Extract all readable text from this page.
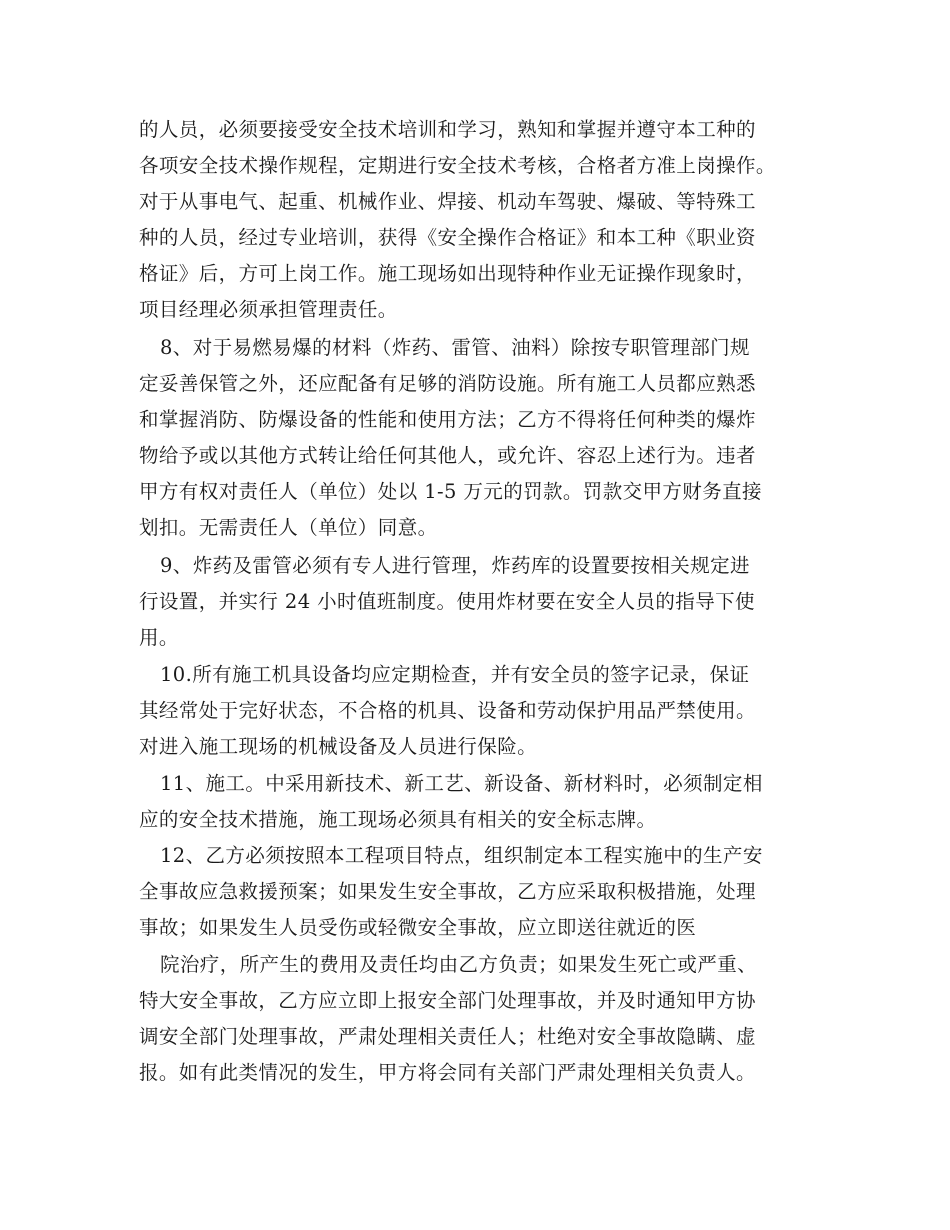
的人员，必须要接受安全技术培训和学习，熟知和掌握并遵守本工种的

各项安全技术操作规程，定期进行安全技术考核，合格者方准上岗操作。

对于从事电气、起重、机械作业、焊接、机动车驾驶、爆破、等特殊工

种的人员，经过专业培训，获得《安全操作合格证》和本工种《职业资

格证》后，方可上岗工作。施工现场如出现特种作业无证操作现象时，

项目经理必须承担管理责任。

8、对于易燃易爆的材料（炸药、雷管、油料）除按专职管理部门规

定妥善保管之外，还应配备有足够的消防设施。所有施工人员都应熟悉

和掌握消防、防爆设备的性能和使用方法；乙方不得将任何种类的爆炸

物给予或以其他方式转让给任何其他人，或允许、容忍上述行为。违者

甲方有权对责任人（单位）处以 1-5 万元的罚款。罚款交甲方财务直接

划扣。无需责任人（单位）同意。

9、炸药及雷管必须有专人进行管理，炸药库的设置要按相关规定进

行设置，并实行 24 小时值班制度。使用炸材要在安全人员的指导下使

用。

10.所有施工机具设备均应定期检查，并有安全员的签字记录，保证

其经常处于完好状态，不合格的机具、设备和劳动保护用品严禁使用。

对进入施工现场的机械设备及人员进行保险。

11、施工。中采用新技术、新工艺、新设备、新材料时，必须制定相

应的安全技术措施，施工现场必须具有相关的安全标志牌。

12、乙方必须按照本工程项目特点，组织制定本工程实施中的生产安

全事故应急救援预案；如果发生安全事故，乙方应采取积极措施，处理

事故；如果发生人员受伤或轻微安全事故，应立即送往就近的医

院治疗，所产生的费用及责任均由乙方负责；如果发生死亡或严重、

特大安全事故，乙方应立即上报安全部门处理事故，并及时通知甲方协

调安全部门处理事故，严肃处理相关责任人；杜绝对安全事故隐瞒、虚

报。如有此类情况的发生，甲方将会同有关部门严肃处理相关负责人。
